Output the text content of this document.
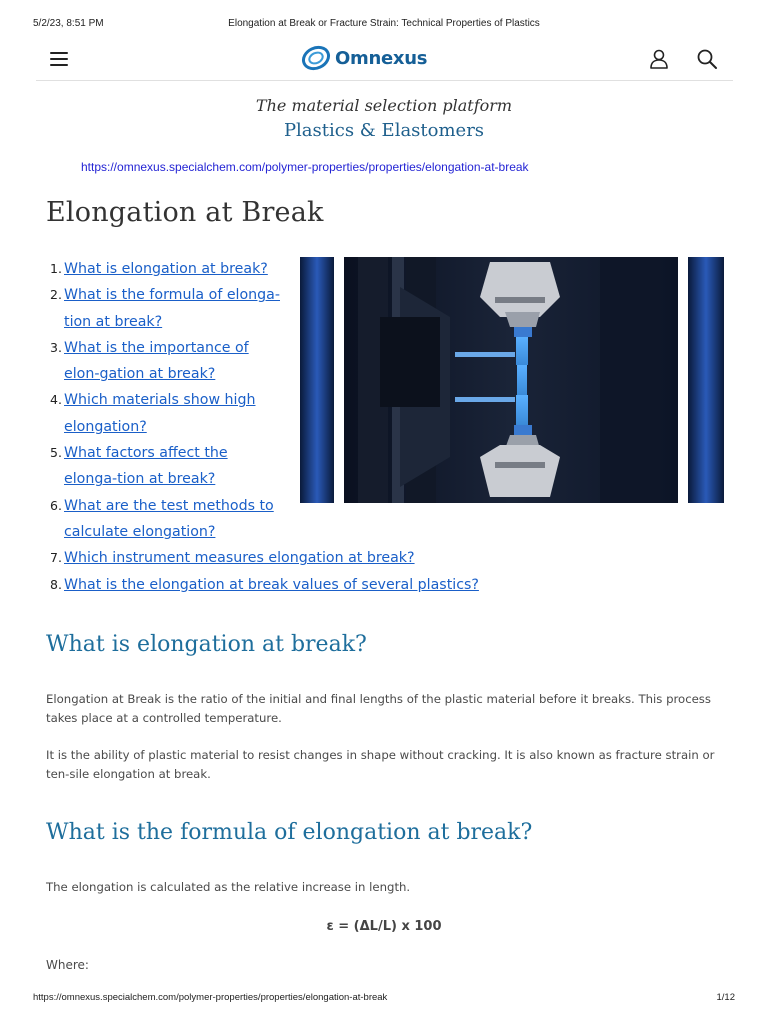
5/2/23, 8:51 PM	Elongation at Break or Fracture Strain: Technical Properties of Plastics
Omnexus
The material selection platform
Plastics & Elastomers
https://omnexus.specialchem.com/polymer-properties/properties/elongation-at-break
Elongation at Break
1. What is elongation at break?
2. What is the formula of elonga-tion at break?
3. What is the importance of elon-gation at break?
4. Which materials show high elongation?
5. What factors affect the elonga-tion at break?
6. What are the test methods to calculate elongation?
7. Which instrument measures elongation at break?
8. What is the elongation at break values of several plastics?
What is elongation at break?

Elongation at Break is the ratio of the initial and final lengths of the plastic material before it breaks. This process takes place at a controlled temperature.

It is the ability of plastic material to resist changes in shape without cracking. It is also known as fracture strain or ten-sile elongation at break.

What is the formula of elongation at break?

The elongation is calculated as the relative increase in length.

ε = (ΔL/L) x 100
Where:
https://omnexus.specialchem.com/polymer-properties/properties/elongation-at-break	1/12
